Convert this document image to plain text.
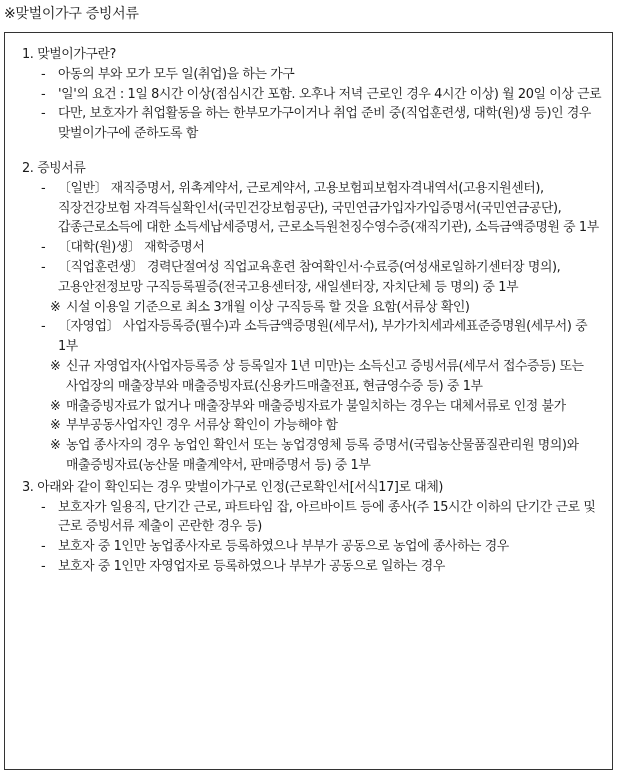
※맞벌이가구 증빙서류
1. 맞벌이가구란?
- 아동의 부와 모가 모두 일(취업)을 하는 가구
- '일'의 요건 : 1일 8시간 이상(점심시간 포함. 오후나 저녁 근로인 경우 4시간 이상) 월 20일 이상 근로
- 다만, 보호자가 취업활동을 하는 한부모가구이거나 취업 준비 중(직업훈련생, 대학(원)생 등)인 경우 맞벌이가구에 준하도록 함
2. 증빙서류
- 〔일반〕 재직증명서, 위촉계약서, 근로계약서, 고용보험피보험자격내역서(고용지원센터), 직장건강보험 자격득실확인서(국민건강보험공단), 국민연금가입자가입증명서(국민연금공단), 갑종근로소득에 대한 소득세납세증명서, 근로소득원천징수영수증(재직기관), 소득금액증명원 중 1부
- 〔대학(원)생〕 재학증명서
- 〔직업훈련생〕 경력단절여성 직업교육훈련 참여확인서·수료증(여성새로일하기센터장 명의),
고용안전정보망 구직등록필증(전국고용센터장, 새일센터장, 자치단체 등 명의) 중 1부
※ 시설 이용일 기준으로 최소 3개월 이상 구직등록 할 것을 요함(서류상 확인)
- 〔자영업〕 사업자등록증(필수)과 소득금액증명원(세무서), 부가가치세과세표준증명원(세무서) 중 1부
※ 신규 자영업자(사업자등록증 상 등록일자 1년 미만)는 소득신고 증빙서류(세무서 접수증등) 또는 사업장의 매출장부와 매출증빙자료(신용카드매출전표, 현금영수증 등) 중 1부
※ 매출증빙자료가 없거나 매출장부와 매출증빙자료가 불일치하는 경우는 대체서류로 인정 불가
※ 부부공동사업자인 경우 서류상 확인이 가능해야 함
※ 농업 종사자의 경우 농업인 확인서 또는 농업경영체 등록 증명서(국립농산물품질관리원 명의)와 매출증빙자료(농산물 매출계약서, 판매증명서 등) 중 1부
3. 아래와 같이 확인되는 경우 맞벌이가구로 인정(근로확인서[서식17]로 대체)
- 보호자가 일용직, 단기간 근로, 파트타임 잡, 아르바이트 등에 종사(주 15시간 이하의 단기간 근로 및 근로 증빙서류 제출이 곤란한 경우 등)
- 보호자 중 1인만 농업종사자로 등록하였으나 부부가 공동으로 농업에 종사하는 경우
- 보호자 중 1인만 자영업자로 등록하였으나 부부가 공동으로 일하는 경우
